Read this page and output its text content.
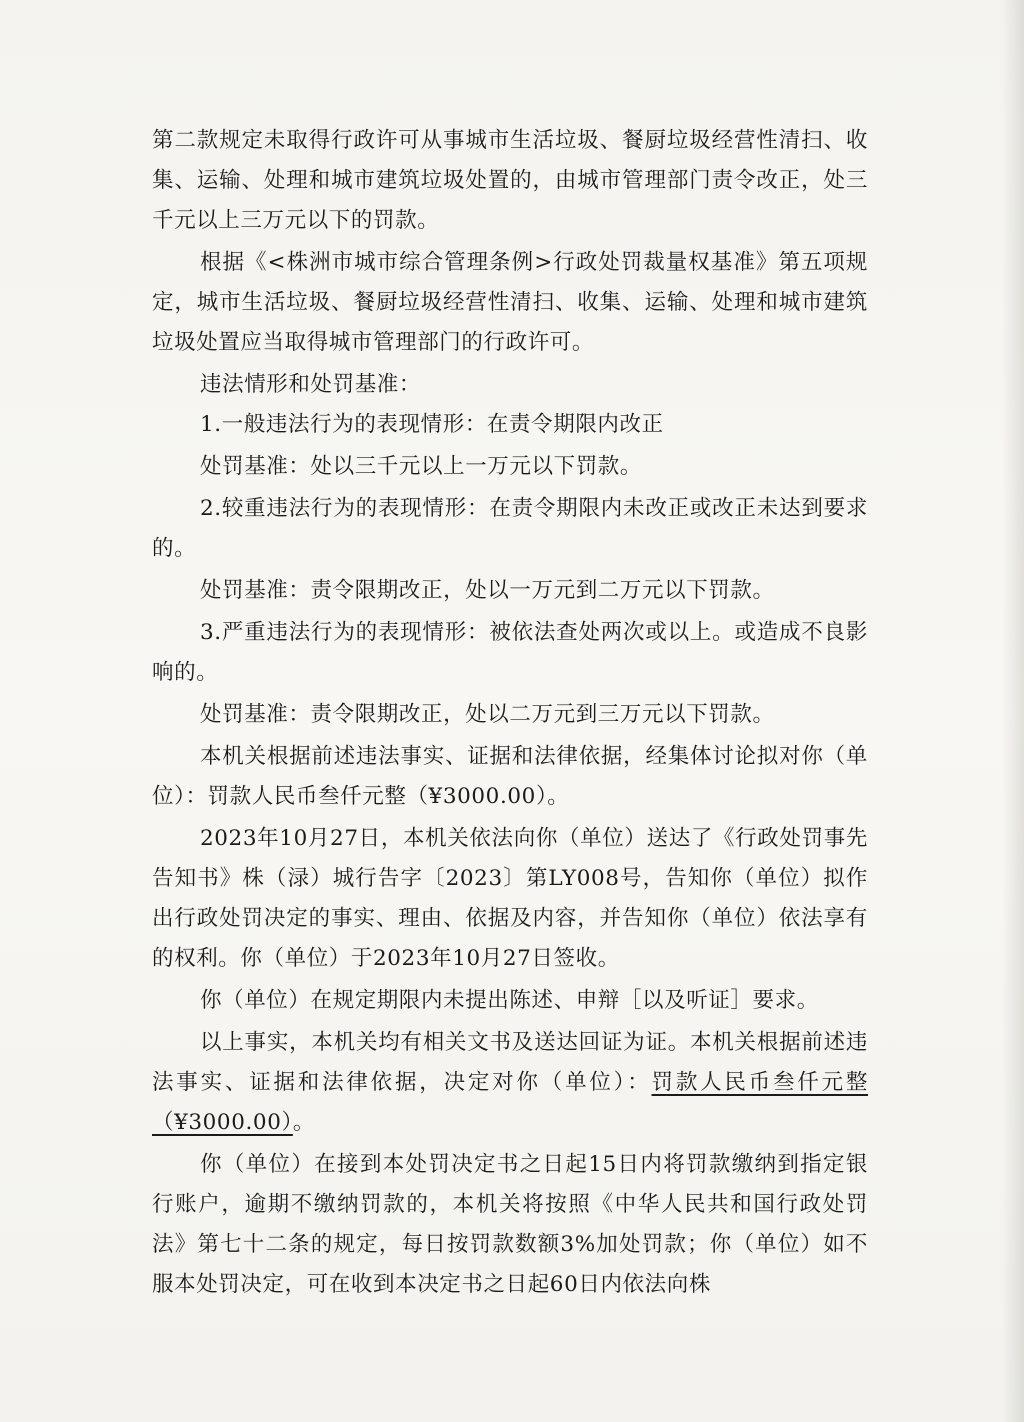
第二款规定未取得行政许可从事城市生活垃圾、餐厨垃圾经营性清扫、收集、运输、处理和城市建筑垃圾处置的，由城市管理部门责令改正，处三千元以上三万元以下的罚款。

根据《<株洲市城市综合管理条例>行政处罚裁量权基准》第五项规定，城市生活垃圾、餐厨垃圾经营性清扫、收集、运输、处理和城市建筑垃圾处置应当取得城市管理部门的行政许可。

违法情形和处罚基准：

1.一般违法行为的表现情形：在责令期限内改正

处罚基准：处以三千元以上一万元以下罚款。

2.较重违法行为的表现情形：在责令期限内未改正或改正未达到要求的。

处罚基准：责令限期改正，处以一万元到二万元以下罚款。

3.严重违法行为的表现情形：被依法查处两次或以上。或造成不良影响的。

处罚基准：责令限期改正，处以二万元到三万元以下罚款。

本机关根据前述违法事实、证据和法律依据，经集体讨论拟对你（单位）：罚款人民币叁仟元整（¥3000.00）。

2023年10月27日，本机关依法向你（单位）送达了《行政处罚事先告知书》株（渌）城行告字〔2023〕第LY008号，告知你（单位）拟作出行政处罚决定的事实、理由、依据及内容，并告知你（单位）依法享有的权利。你（单位）于2023年10月27日签收。

你（单位）在规定期限内未提出陈述、申辩［以及听证］要求。

以上事实，本机关均有相关文书及送达回证为证。本机关根据前述违法事实、证据和法律依据，决定对你（单位）：罚款人民币叁仟元整（¥3000.00）。

你（单位）在接到本处罚决定书之日起15日内将罚款缴纳到指定银行账户，逾期不缴纳罚款的，本机关将按照《中华人民共和国行政处罚法》第七十二条的规定，每日按罚款数额3%加处罚款；你（单位）如不服本处罚决定，可在收到本决定书之日起60日内依法向株
